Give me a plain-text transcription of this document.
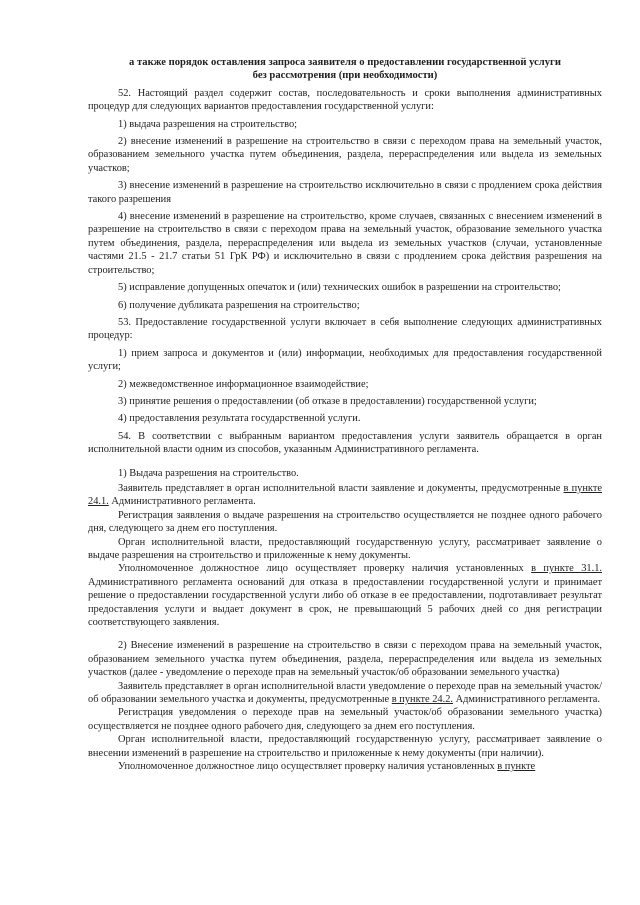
а также порядок оставления запроса заявителя о предоставлении государственной услуги
без рассмотрения (при необходимости)

52. Настоящий раздел содержит состав, последовательность и сроки выполнения административных процедур для следующих вариантов предоставления государственной услуги:

1) выдача разрешения на строительство;

2) внесение изменений в разрешение на строительство в связи с переходом права на земельный участок, образованием земельного участка путем объединения, раздела, перераспределения или выдела из земельных участков;

3) внесение изменений в разрешение на строительство исключительно в связи с продлением срока действия такого разрешения

4) внесение изменений в разрешение на строительство, кроме случаев, связанных с внесением изменений в разрешение на строительство в связи с переходом права на земельный участок, образование земельного участка путем объединения, раздела, перераспределения или выдела из земельных участков (случаи, установленные частями 21.5 - 21.7 статьи 51 ГрК РФ) и исключительно в связи с продлением срока действия разрешения на строительство;

5) исправление допущенных опечаток и (или) технических ошибок в разрешении на строительство;

6) получение дубликата разрешения на строительство;

53. Предоставление государственной услуги включает в себя выполнение следующих административных процедур:

1) прием запроса и документов и (или) информации, необходимых для предоставления государственной услуги;

2) межведомственное информационное взаимодействие;

3) принятие решения о предоставлении (об отказе в предоставлении) государственной услуги;

4) предоставления результата государственной услуги.

54. В соответствии с выбранным вариантом предоставления услуги заявитель обращается в орган исполнительной власти одним из способов, указанным Административного регламента.

1) Выдача разрешения на строительство.

Заявитель представляет в орган исполнительной власти заявление и документы, предусмотренные в пункте 24.1. Административного регламента.

Регистрация заявления о выдаче разрешения на строительство осуществляется не позднее одного рабочего дня, следующего за днем его поступления.

Орган исполнительной власти, предоставляющий государственную услугу, рассматривает заявление о выдаче разрешения на строительство и приложенные к нему документы.

Уполномоченное должностное лицо осуществляет проверку наличия установленных в пункте 31.1. Административного регламента оснований для отказа в предоставлении государственной услуги и принимает решение о предоставлении государственной услуги либо об отказе в ее предоставлении, подготавливает результат предоставления услуги и выдает документ в срок, не превышающий 5 рабочих дней со дня регистрации соответствующего заявления.

2) Внесение изменений в разрешение на строительство в связи с переходом права на земельный участок, образованием земельного участка путем объединения, раздела, перераспределения или выдела из земельных участков (далее - уведомление о переходе прав на земельный участок/об образовании земельного участка)

Заявитель представляет в орган исполнительной власти уведомление о переходе прав на земельный участок/об образовании земельного участка и документы, предусмотренные в пункте 24.2. Административного регламента.

Регистрация уведомления о переходе прав на земельный участок/об образовании земельного участка) осуществляется не позднее одного рабочего дня, следующего за днем его поступления.

Орган исполнительной власти, предоставляющий государственную услугу, рассматривает заявление о внесении изменений в разрешение на строительство и приложенные к нему документы (при наличии).

Уполномоченное должностное лицо осуществляет проверку наличия установленных в пункте
